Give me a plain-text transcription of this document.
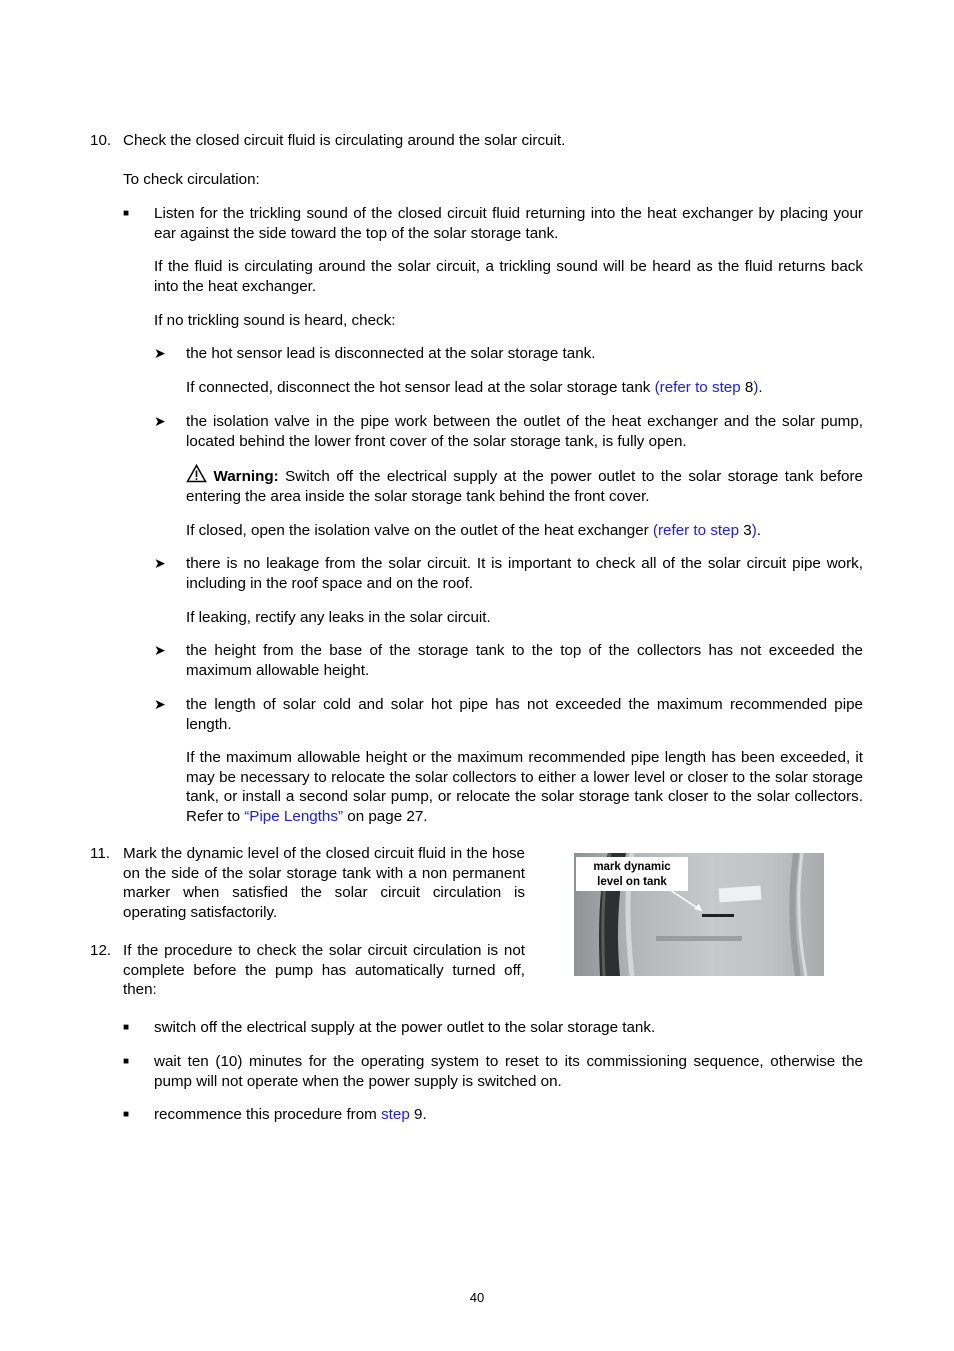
10. Check the closed circuit fluid is circulating around the solar circuit.
To check circulation:
■ Listen for the trickling sound of the closed circuit fluid returning into the heat exchanger by placing your ear against the side toward the top of the solar storage tank.
If the fluid is circulating around the solar circuit, a trickling sound will be heard as the fluid returns back into the heat exchanger.
If no trickling sound is heard, check:
➤ the hot sensor lead is disconnected at the solar storage tank.
If connected, disconnect the hot sensor lead at the solar storage tank (refer to step 8).
➤ the isolation valve in the pipe work between the outlet of the heat exchanger and the solar pump, located behind the lower front cover of the solar storage tank, is fully open.
Warning: Switch off the electrical supply at the power outlet to the solar storage tank before entering the area inside the solar storage tank behind the front cover.
If closed, open the isolation valve on the outlet of the heat exchanger (refer to step 3).
➤ there is no leakage from the solar circuit. It is important to check all of the solar circuit pipe work, including in the roof space and on the roof.
If leaking, rectify any leaks in the solar circuit.
➤ the height from the base of the storage tank to the top of the collectors has not exceeded the maximum allowable height.
➤ the length of solar cold and solar hot pipe has not exceeded the maximum recommended pipe length.
If the maximum allowable height or the maximum recommended pipe length has been exceeded, it may be necessary to relocate the solar collectors to either a lower level or closer to the solar storage tank, or install a second solar pump, or relocate the solar storage tank closer to the solar collectors. Refer to “Pipe Lengths” on page 27.
11. Mark the dynamic level of the closed circuit fluid in the hose on the side of the solar storage tank with a non permanent marker when satisfied the solar circuit circulation is operating satisfactorily.
mark dynamic
level on tank
12. If the procedure to check the solar circuit circulation is not complete before the pump has automatically turned off, then:
■ switch off the electrical supply at the power outlet to the solar storage tank.
■ wait ten (10) minutes for the operating system to reset to its commissioning sequence, otherwise the pump will not operate when the power supply is switched on.
■ recommence this procedure from step 9.
40
